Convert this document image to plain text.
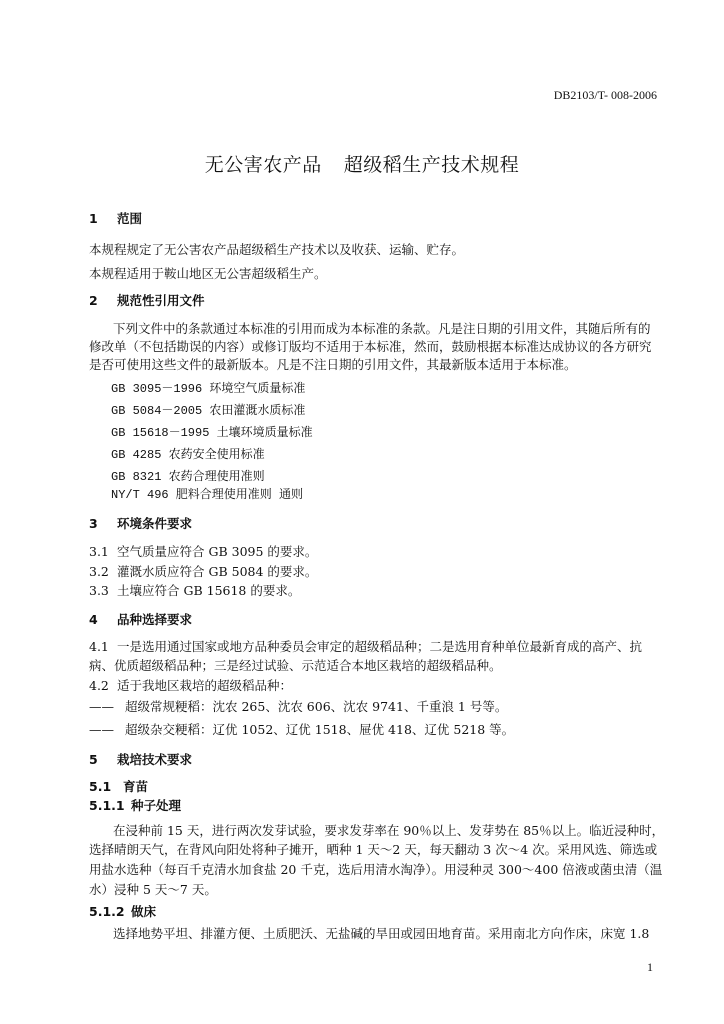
DB2103/T- 008-2006
无公害农产品 超级稻生产技术规程
1 范围
本规程规定了无公害农产品超级稻生产技术以及收获、运输、贮存。
本规程适用于鞍山地区无公害超级稻生产。
2 规范性引用文件
下列文件中的条款通过本标准的引用而成为本标准的条款。凡是注日期的引用文件，其随后所有的
修改单（不包括勘误的内容）或修订版均不适用于本标准，然而，鼓励根据本标准达成协议的各方研究
是否可使用这些文件的最新版本。凡是不注日期的引用文件，其最新版本适用于本标准。
GB 3095－1996 环境空气质量标准
GB 5084－2005 农田灌溉水质标准
GB 15618－1995 土壤环境质量标准
GB 4285 农药安全使用标准
GB 8321 农药合理使用准则
NY/T 496 肥料合理使用准则 通则
3 环境条件要求
3.1 空气质量应符合 GB 3095 的要求。
3.2 灌溉水质应符合 GB 5084 的要求。
3.3 土壤应符合 GB 15618 的要求。
4 品种选择要求
4.1 一是选用通过国家或地方品种委员会审定的超级稻品种；二是选用育种单位最新育成的高产、抗
病、优质超级稻品种；三是经过试验、示范适合本地区栽培的超级稻品种。
4.2 适于我地区栽培的超级稻品种：
—— 超级常规粳稻：沈农 265、沈农 606、沈农 9741、千重浪 1 号等。
—— 超级杂交粳稻：辽优 1052、辽优 1518、屉优 418、辽优 5218 等。
5 栽培技术要求
5.1 育苗
5.1.1 种子处理
在浸种前 15 天，进行两次发芽试验，要求发芽率在 90％以上、发芽势在 85％以上。临近浸种时，
选择晴朗天气，在背风向阳处将种子摊开，晒种 1 天～2 天，每天翻动 3 次～4 次。采用风选、筛选或
用盐水选种（每百千克清水加食盐 20 千克，选后用清水淘净）。用浸种灵 300～400 倍液或菌虫清（温
水）浸种 5 天～7 天。
5.1.2 做床
选择地势平坦、排灌方便、土质肥沃、无盐碱的旱田或园田地育苗。采用南北方向作床，床宽 1.8
1
